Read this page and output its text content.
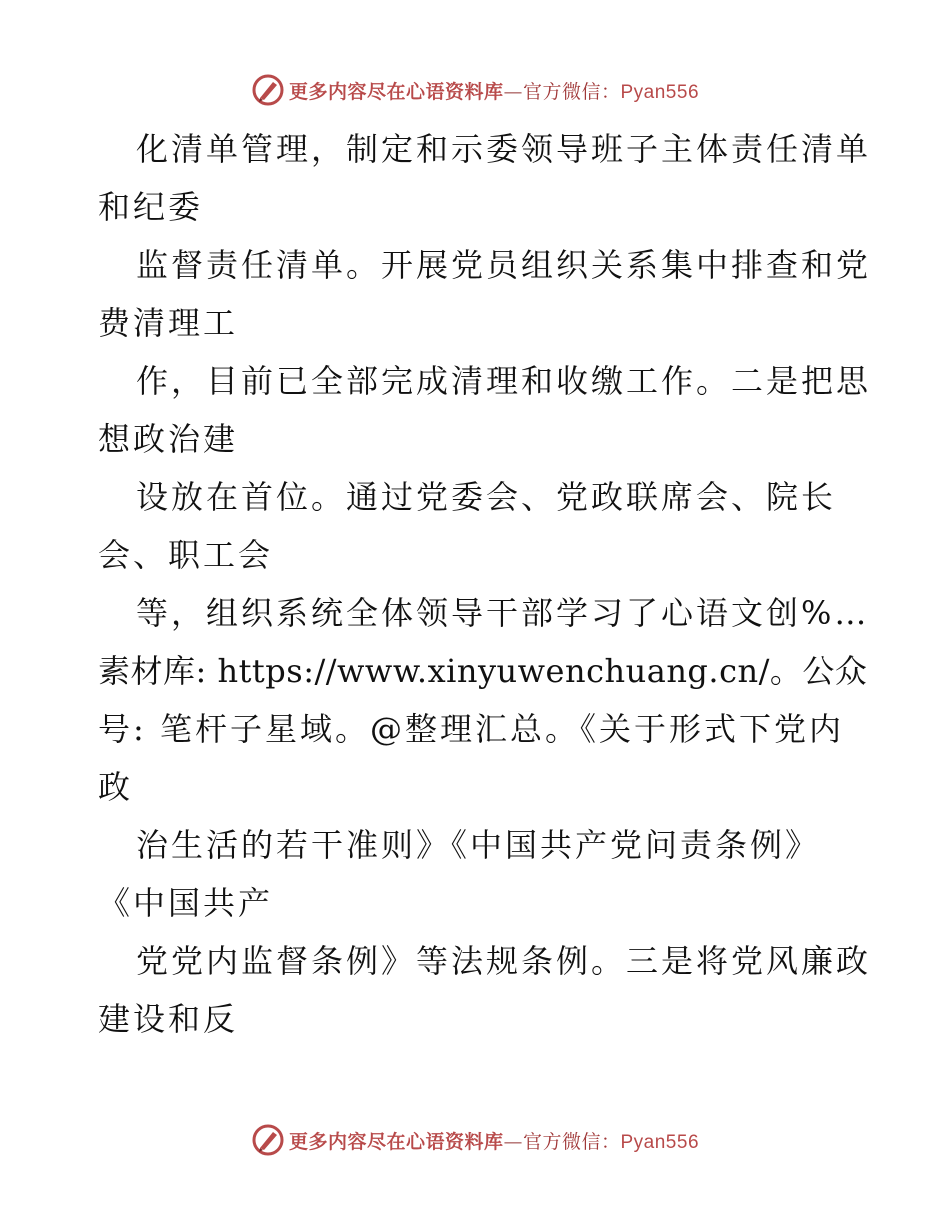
更多内容尽在心语资料库—官方微信：Pyan556
化清单管理，制定和示委领导班子主体责任清单
和纪委
监督责任清单。开展党员组织关系集中排查和党
费清理工
作，目前已全部完成清理和收缴工作。二是把思
想政治建
设放在首位。通过党委会、党政联席会、院长
会、职工会
等，组织系统全体领导干部学习了心语文创%…
素材库: https://www.xinyuwenchuang.cn/。公众
号: 笔杆子星域。@整理汇总。《关于形式下党内
政
治生活的若干准则》《中国共产党问责条例》
《中国共产
党党内监督条例》等法规条例。三是将党风廉政
建设和反
更多内容尽在心语资料库—官方微信：Pyan556
